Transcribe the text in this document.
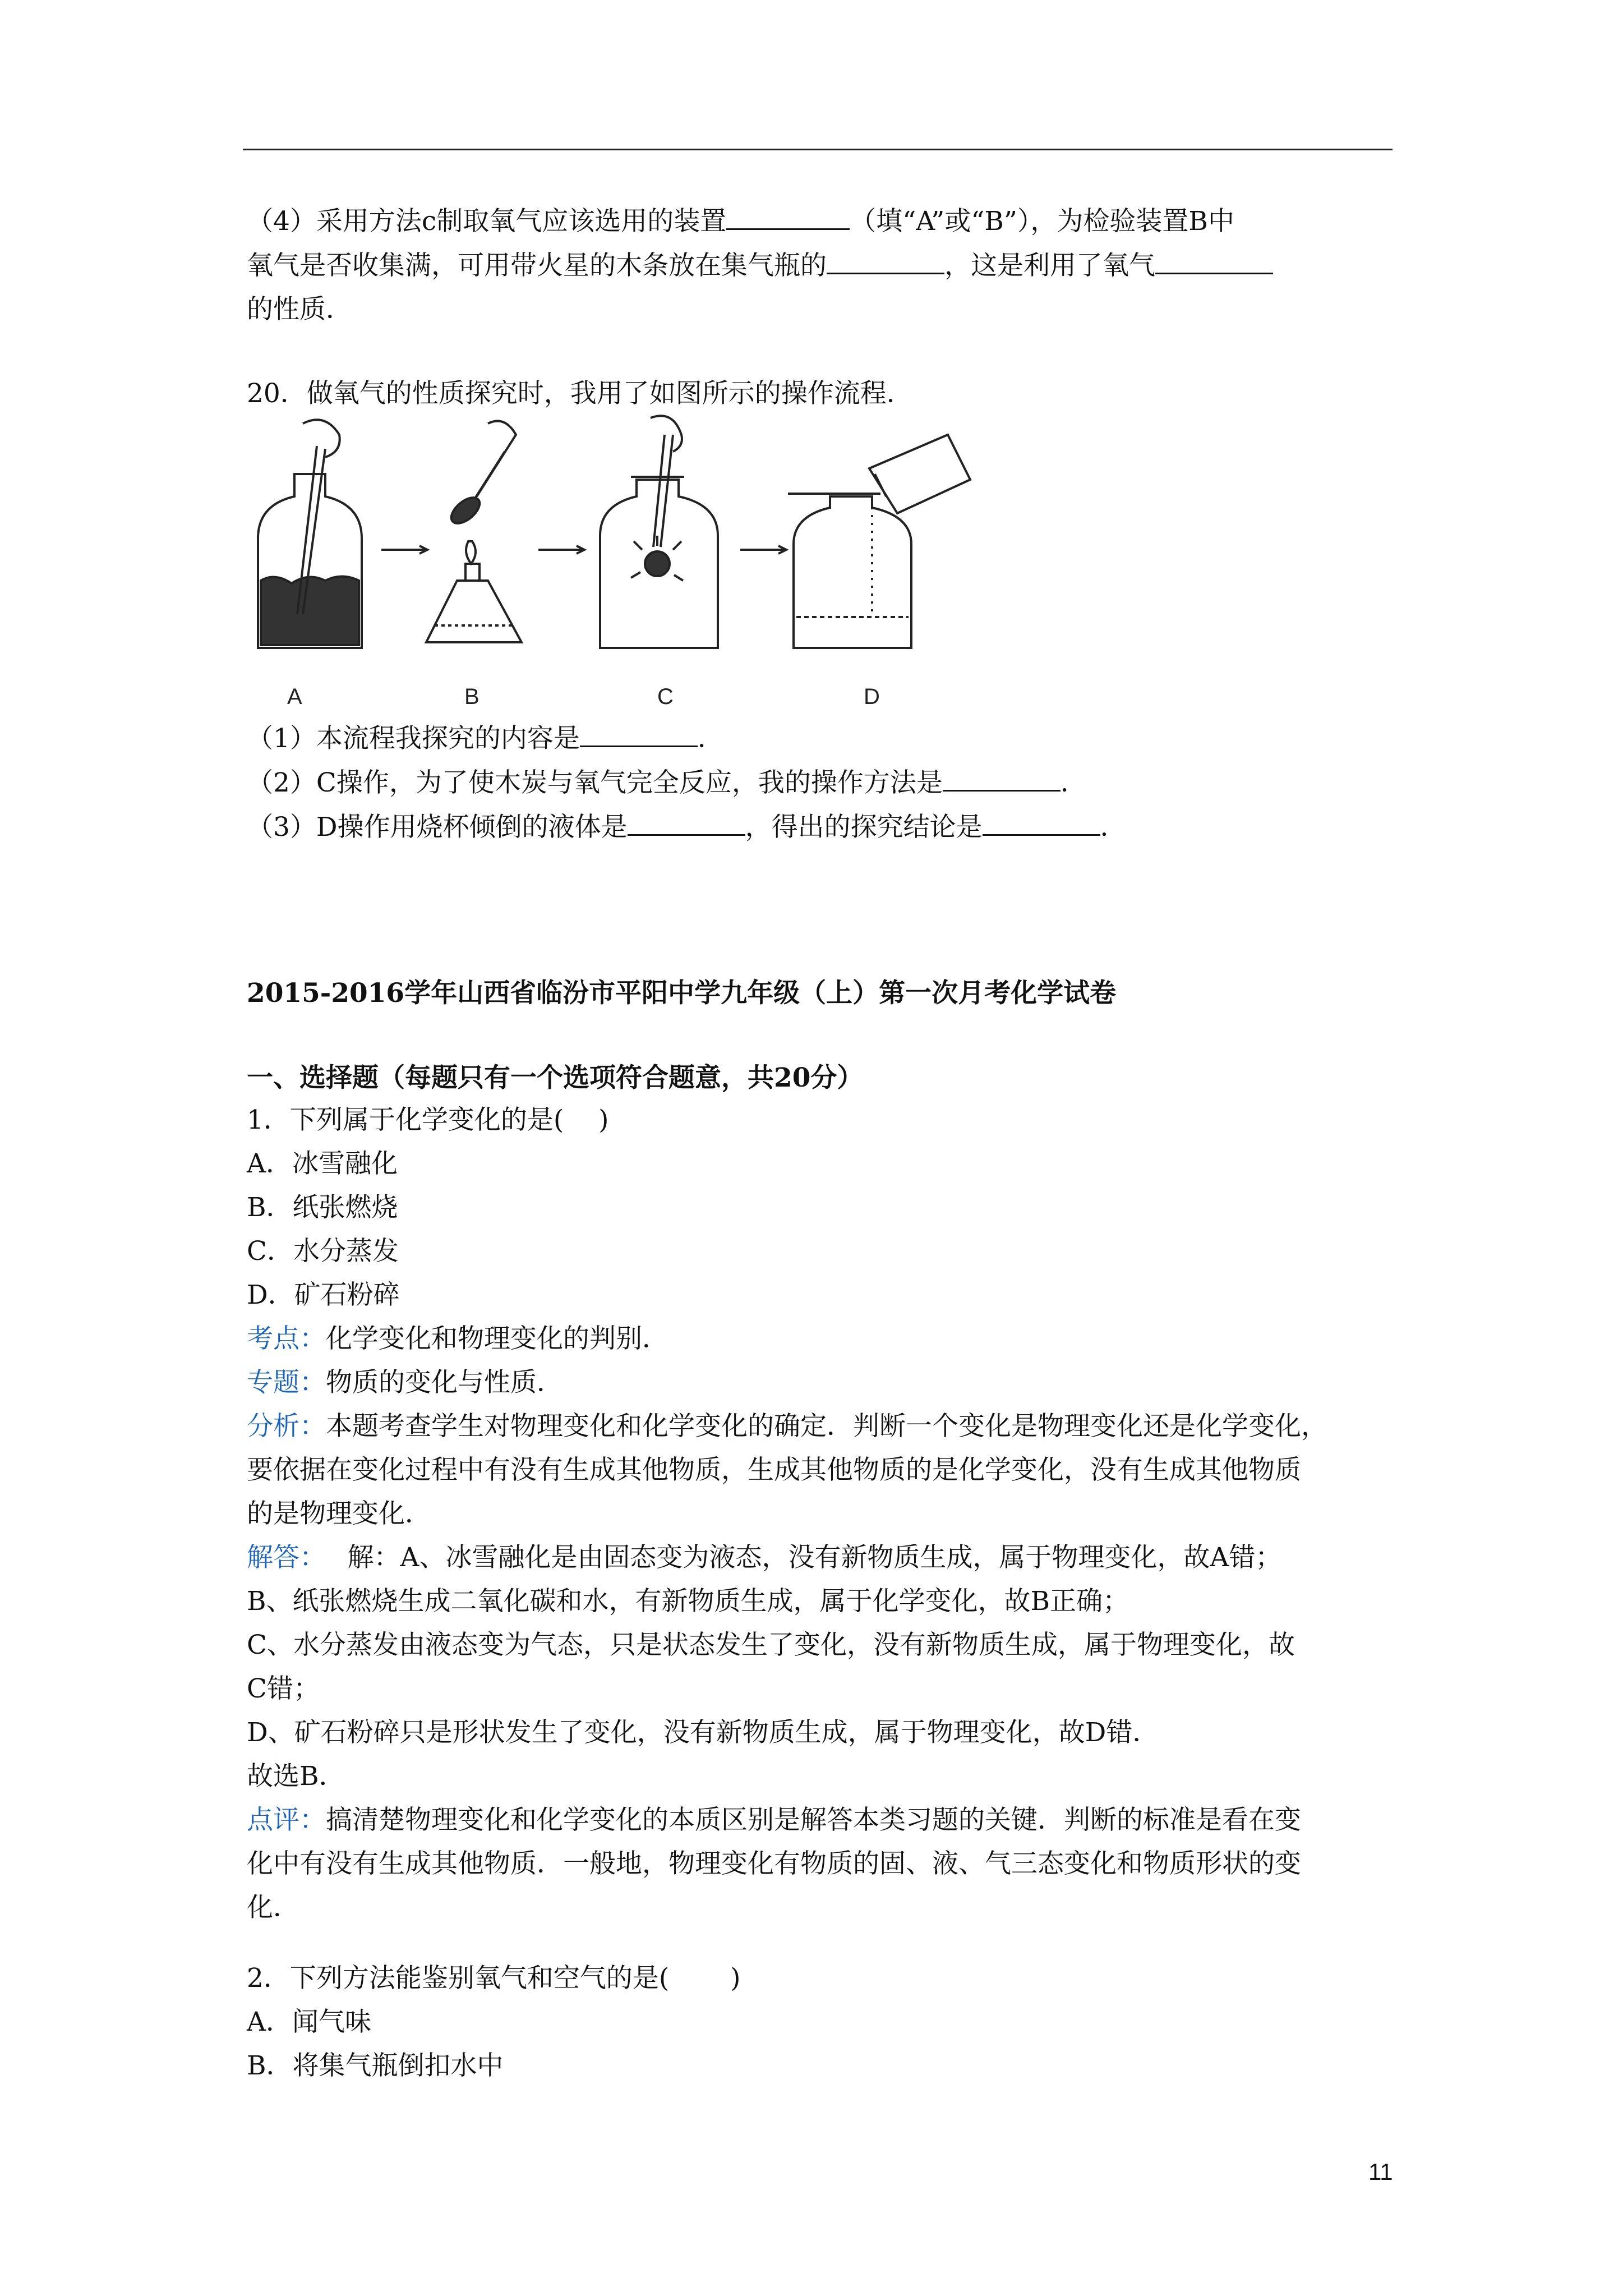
（4）采用方法c制取氧气应该选用的装置	（填“A”或“B”），为检验装置B中
氧气是否收集满，可用带火星的木条放在集气瓶的	，这是利用了氧气
的性质．
20．做氧气的性质探究时，我用了如图所示的操作流程．
A	B	C	D
（1）本流程我探究的内容是	．
（2）C操作，为了使木炭与氧气完全反应，我的操作方法是	．
（3）D操作用烧杯倾倒的液体是	，得出的探究结论是	．
2015-2016学年山西省临汾市平阳中学九年级（上）第一次月考化学试卷
一、选择题（每题只有一个选项符合题意，共20分）
1．下列属于化学变化的是(　 )
A．冰雪融化
B．纸张燃烧
C．水分蒸发
D．矿石粉碎
考点：化学变化和物理变化的判别．
专题：物质的变化与性质．
分析：本题考查学生对物理变化和化学变化的确定．判断一个变化是物理变化还是化学变化，
要依据在变化过程中有没有生成其他物质，生成其他物质的是化学变化，没有生成其他物质
的是物理变化．
解答：　 解：A、冰雪融化是由固态变为液态，没有新物质生成，属于物理变化，故A错；
B、纸张燃烧生成二氧化碳和水，有新物质生成，属于化学变化，故B正确；
C、水分蒸发由液态变为气态，只是状态发生了变化，没有新物质生成，属于物理变化，故
C错；
D、矿石粉碎只是形状发生了变化，没有新物质生成，属于物理变化，故D错．
故选B．
点评：搞清楚物理变化和化学变化的本质区别是解答本类习题的关键．判断的标准是看在变
化中有没有生成其他物质．一般地，物理变化有物质的固、液、气三态变化和物质形状的变
化．
2．下列方法能鉴别氧气和空气的是(　　 )
A．闻气味
B．将集气瓶倒扣水中
11
